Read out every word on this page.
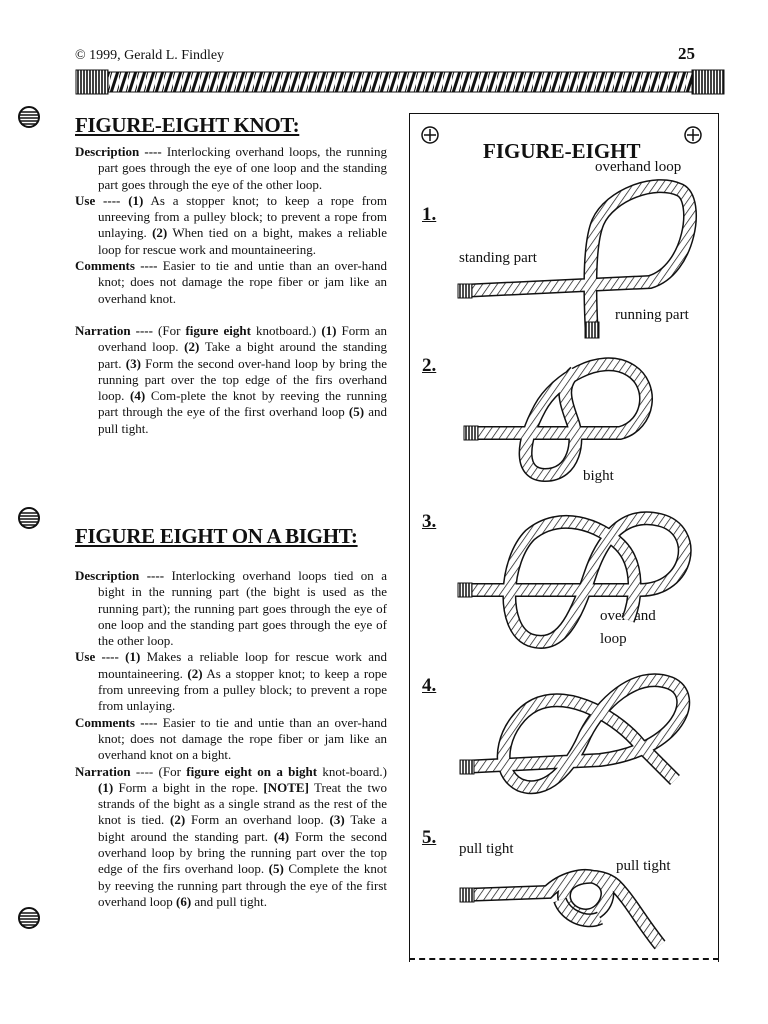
© 1999, Gerald L. Findley	25
FIGURE-EIGHT KNOT:

Description ---- Interlocking overhand loops, the running part goes through the eye of one loop and the standing part goes through the eye of the other loop.

Use ---- (1) As a stopper knot; to keep a rope from unreeving from a pulley block; to prevent a rope from unlaying. (2) When tied on a bight, makes a reliable loop for rescue work and mountaineering.

Comments ---- Easier to tie and untie than an over-hand knot; does not damage the rope fiber or jam like an overhand knot.

Narration ---- (For figure eight knotboard.) (1) Form an overhand loop. (2) Take a bight around the standing part. (3) Form the second over-hand loop by bring the running part over the top edge of the firs overhand loop. (4) Com-plete the knot by reeving the running part through the eye of the first overhand loop (5) and pull tight.

FIGURE EIGHT ON A BIGHT:

Description ---- Interlocking overhand loops tied on a bight in the running part (the bight is used as the running part); the running part goes through the eye of one loop and the standing part goes through the eye of the other loop.

Use ---- (1) Makes a reliable loop for rescue work and mountaineering. (2) As a stopper knot; to keep a rope from unreeving from a pulley block; to prevent a rope from unlaying.

Comments ---- Easier to tie and untie than an over-hand knot; does not damage the rope fiber or jam like an overhand knot on a bight.

Narration ---- (For figure eight on a bight knot-board.) (1) Form a bight in the rope. [NOTE] Treat the two strands of the bight as a single strand as the rest of the knot is tied. (2) Form an overhand loop. (3) Take a bight around the standing part. (4) Form the second overhand loop by bring the running part over the top edge of the firs overhand loop. (5) Complete the knot by reeving the running part through the eye of the first overhand loop (6) and pull tight.

FIGURE-EIGHT
1.
2.
3.
4.
5.
overhand loop
standing part
running part
bight
overhand
loop
pull tight
pull tight
